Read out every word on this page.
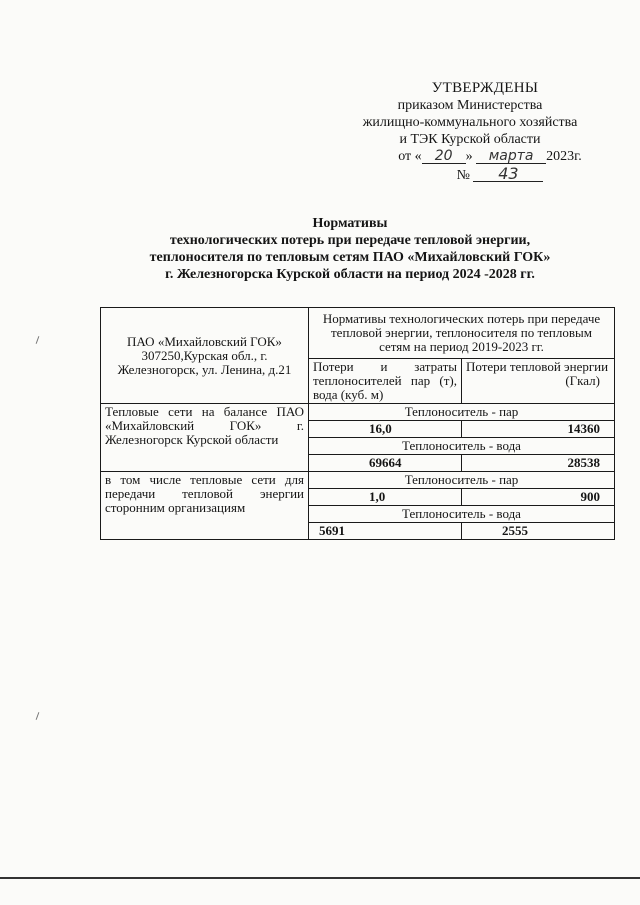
УТВЕРЖДЕНЫ
приказом Министерства
жилищно-коммунального хозяйства
и ТЭК Курской области
от « 20 » марта 2023г.
№ 43
Нормативы
технологических потерь при передаче тепловой энергии,
теплоносителя по тепловым сетям ПАО «Михайловский ГОК»
г. Железногорска Курской области на период 2024 -2028 гг.
ПАО «Михайловский ГОК» 307250,Курская обл., г. Железногорск, ул. Ленина, д.21	Нормативы технологических потерь при передаче тепловой энергии, теплоносителя по тепловым сетям на период 2019-2023 гг.	
	Потери и затраты теплоносителей пар (т), вода (куб. м)	Потери тепловой энергии
(Гкал)

Тепловые сети на балансе ПАО «Михайловский ГОК» г. Железногорск Курской области	Теплоноситель - пар	
	16,0	14360
	Теплоноситель - вода	
	69664	28538
в том числе тепловые сети для передачи тепловой энергии сторонним организациям	Теплоноситель - пар	
	1,0	900
	Теплоноситель - вода	
	5691	2555
